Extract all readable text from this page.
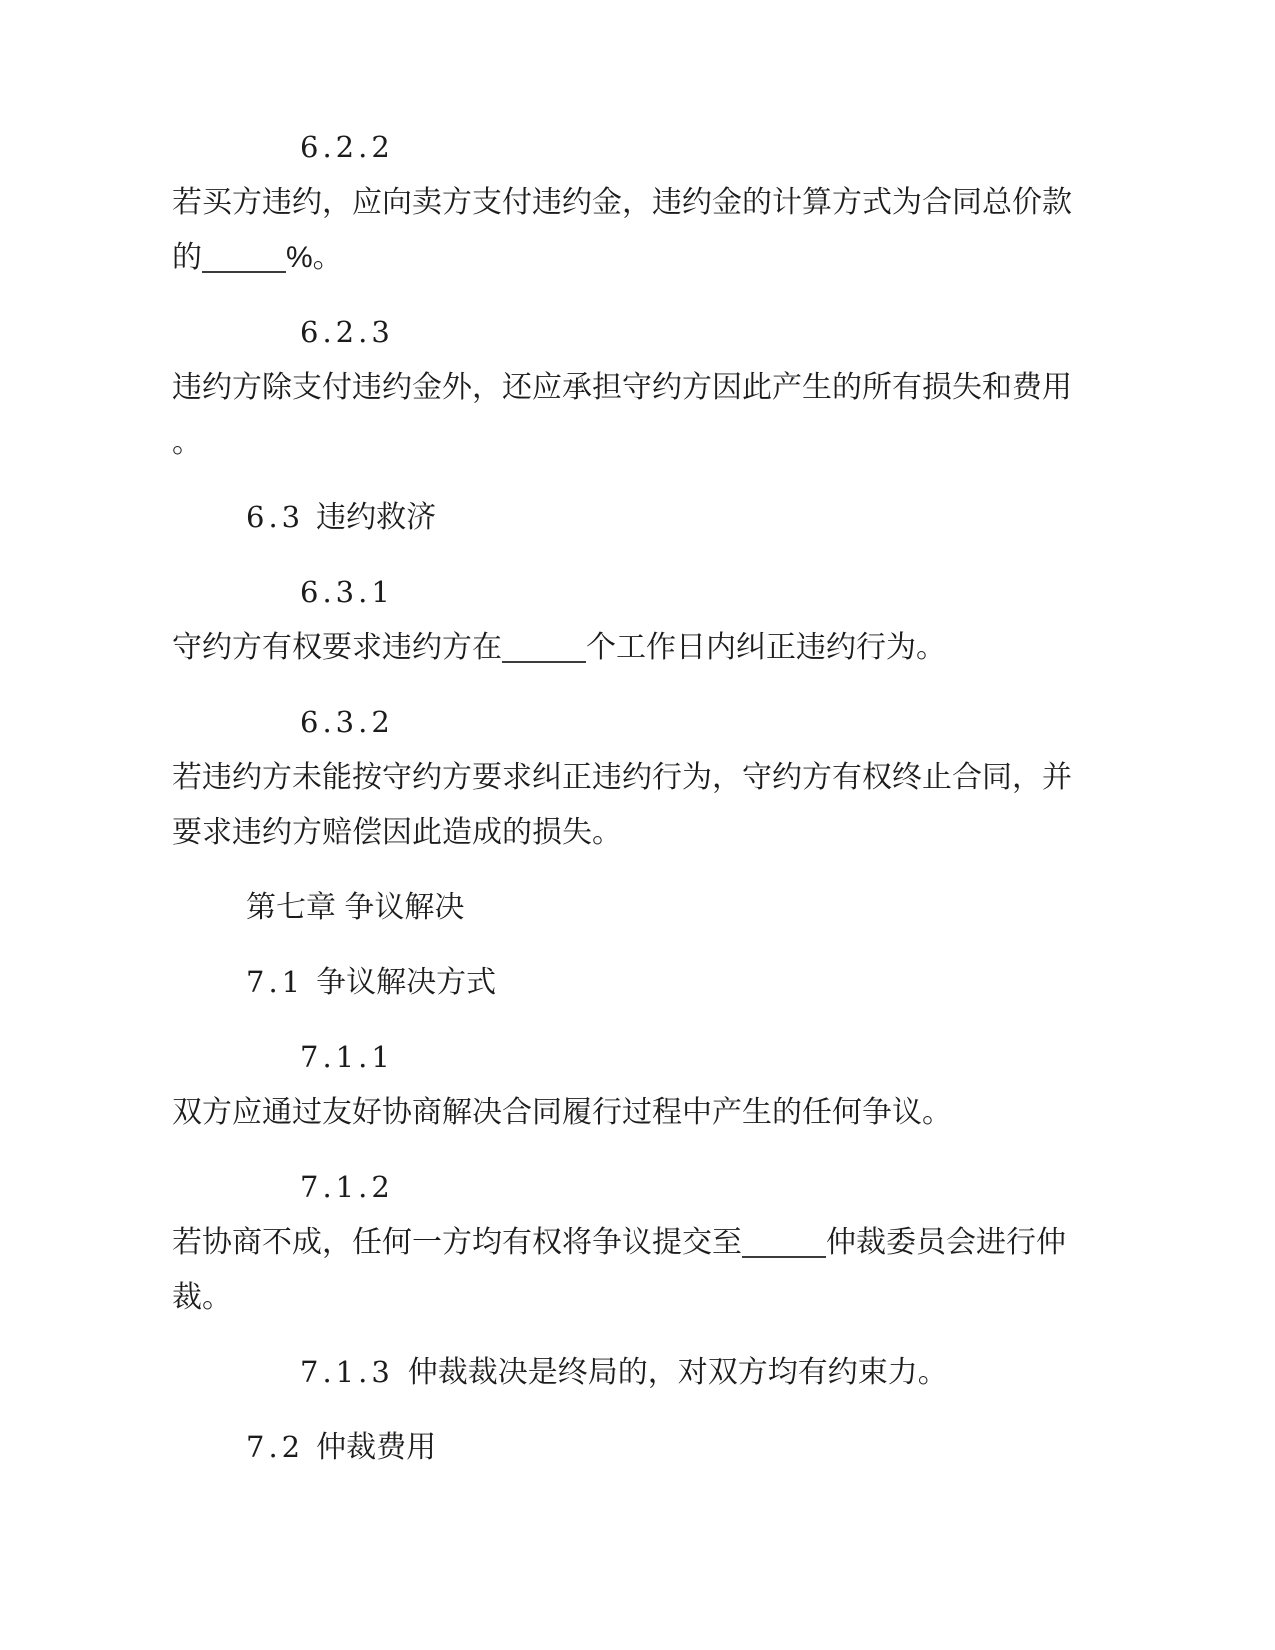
6.2.2

若买方违约，应向卖方支付违约金，违约金的计算方式为合同总价款的	%。

6.2.3

违约方除支付违约金外，还应承担守约方因此产生的所有损失和费用。

6.3 违约救济

6.3.1

守约方有权要求违约方在	个工作日内纠正违约行为。

6.3.2

若违约方未能按守约方要求纠正违约行为，守约方有权终止合同，并要求违约方赔偿因此造成的损失。

第七章 争议解决

7.1 争议解决方式

7.1.1

双方应通过友好协商解决合同履行过程中产生的任何争议。

7.1.2

若协商不成，任何一方均有权将争议提交至	仲裁委员会进行仲裁。

7.1.3 仲裁裁决是终局的，对双方均有约束力。

7.2 仲裁费用
